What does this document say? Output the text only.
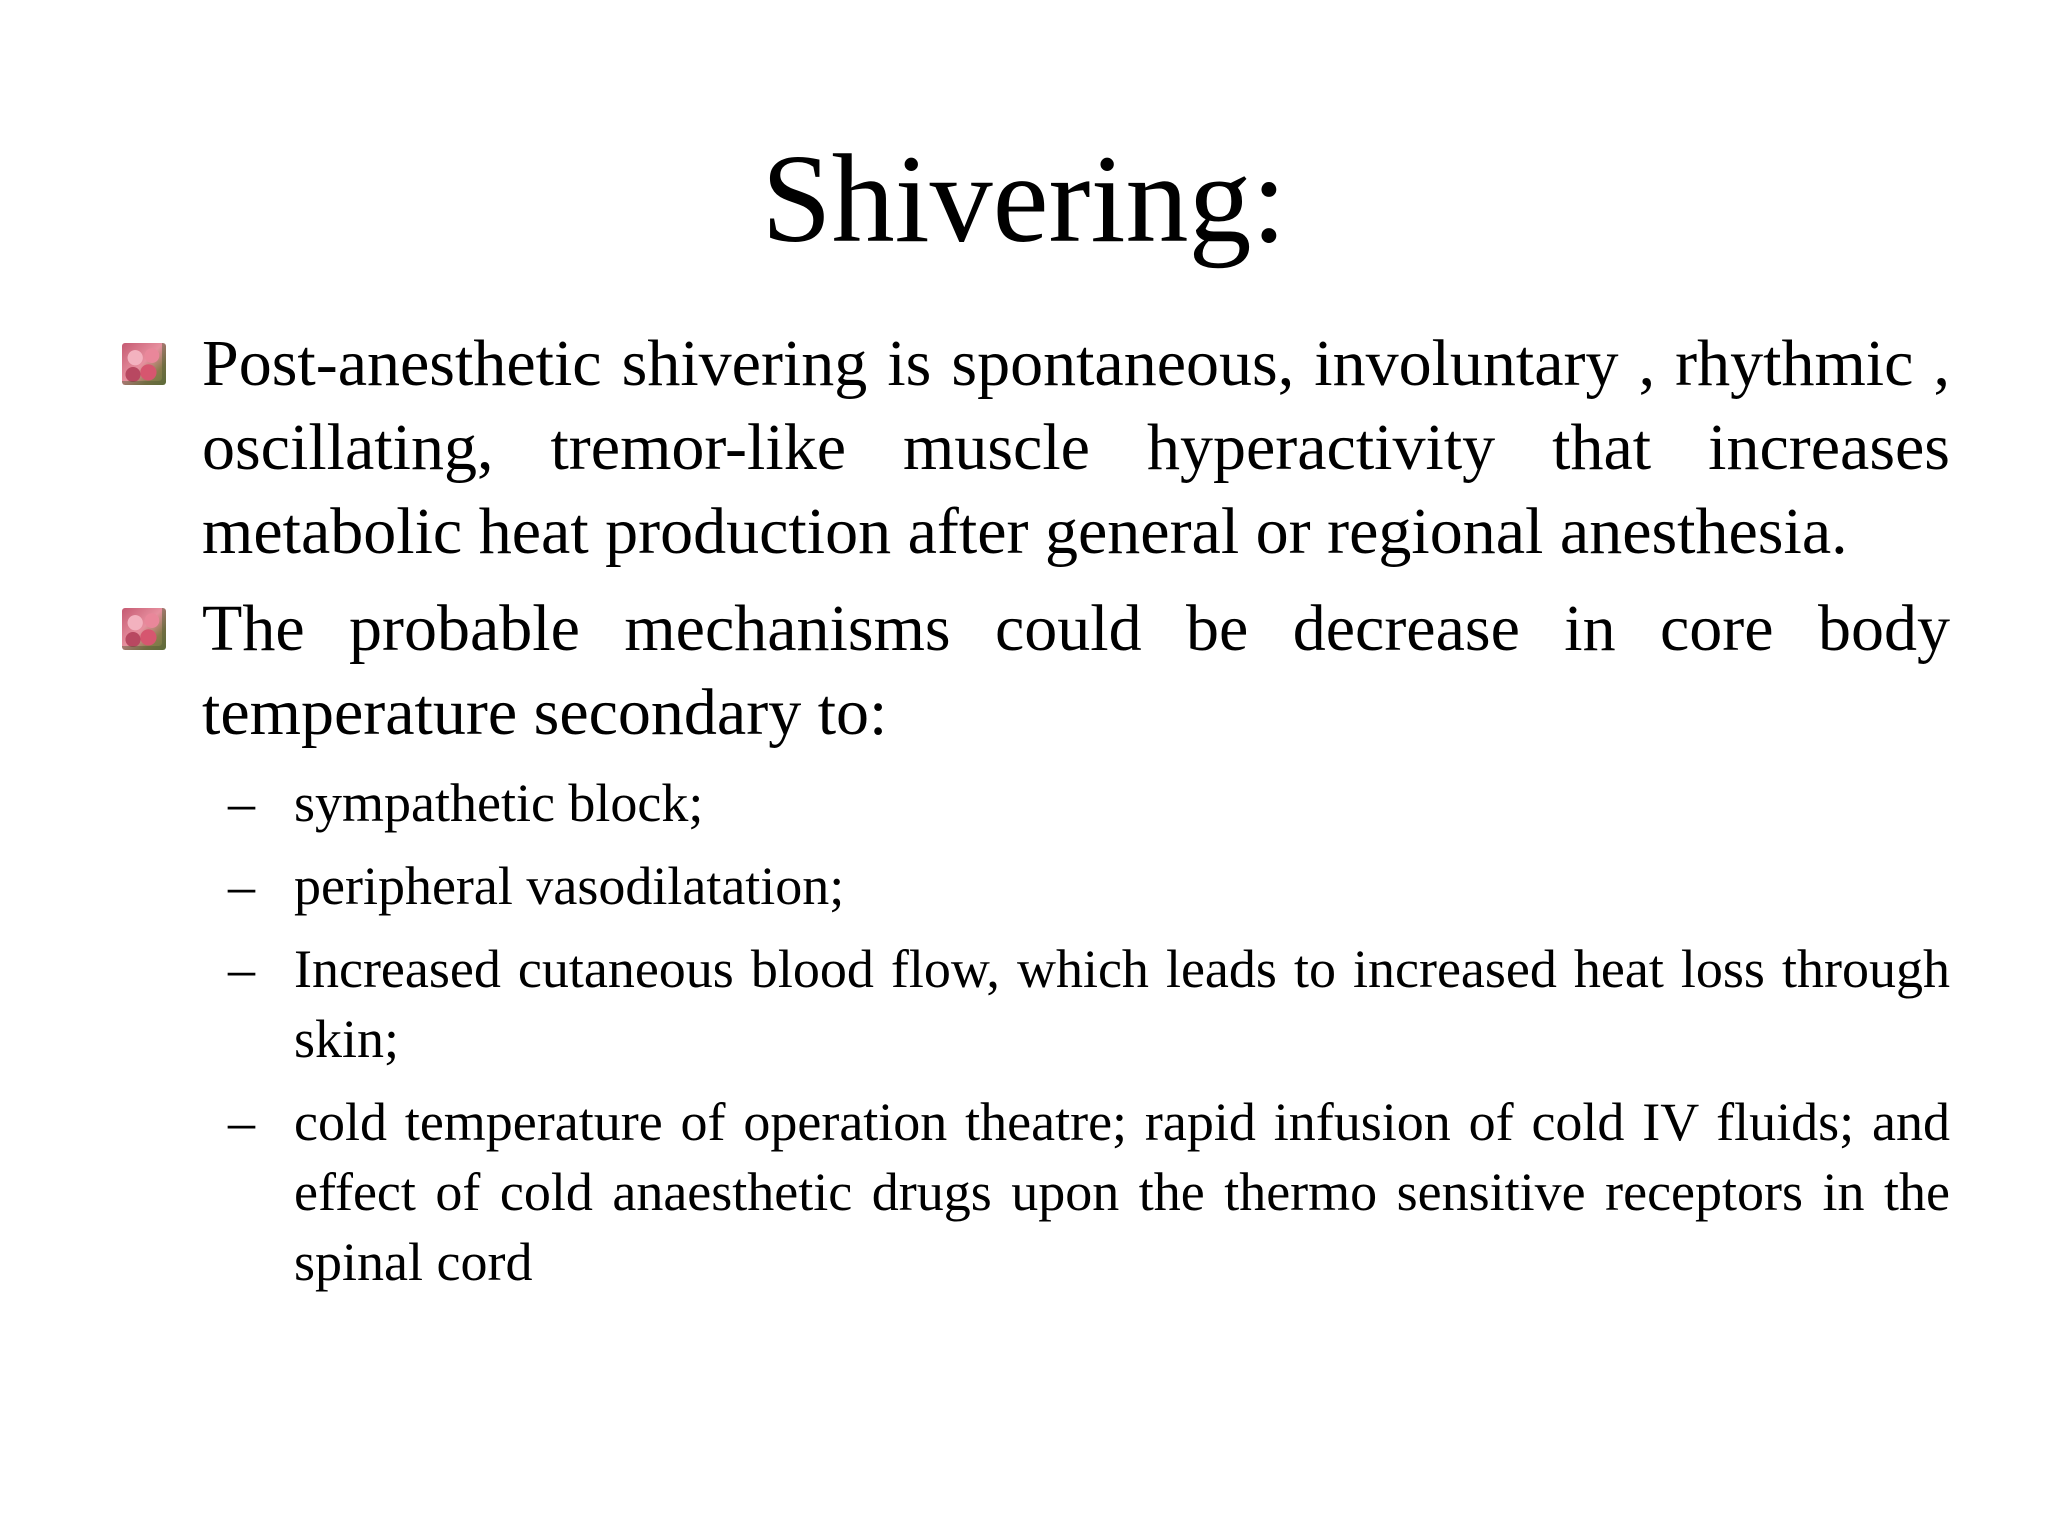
Shivering:
Post-anesthetic shivering is spontaneous, involuntary , rhythmic , oscillating, tremor-like muscle hyperactivity that increases metabolic heat production after general or regional anesthesia.
The probable mechanisms could be decrease in core body temperature secondary to:
– sympathetic block;
– peripheral vasodilatation;
– Increased cutaneous blood flow, which leads to increased heat loss through skin;
– cold temperature of operation theatre; rapid infusion of cold IV fluids; and effect of cold anaesthetic drugs upon the thermo sensitive receptors in the spinal cord
